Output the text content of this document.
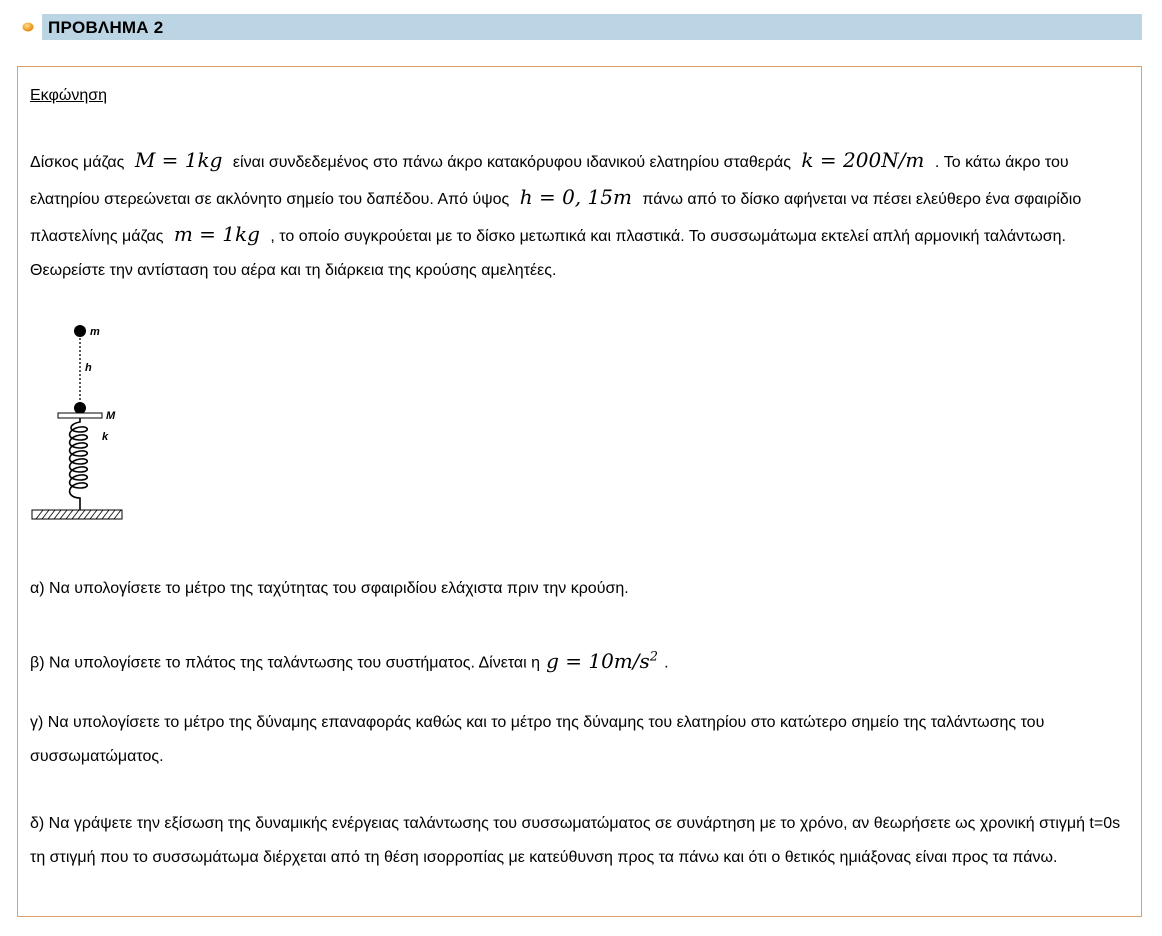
ΠΡΟΒΛΗΜΑ 2
Εκφώνηση
Δίσκος μάζας M = 1kg είναι συνδεδεμένος στο πάνω άκρο κατακόρυφου ιδανικού ελατηρίου σταθεράς k = 200N/m . Το κάτω άκρο του ελατηρίου στερεώνεται σε ακλόνητο σημείο του δαπέδου. Από ύψος h = 0, 15m πάνω από το δίσκο αφήνεται να πέσει ελεύθερο ένα σφαιρίδιο πλαστελίνης μάζας m = 1kg , το οποίο συγκρούεται με το δίσκο μετωπικά και πλαστικά. Το συσσωμάτωμα εκτελεί απλή αρμονική ταλάντωση. Θεωρείστε την αντίσταση του αέρα και τη διάρκεια της κρούσης αμελητέες.
m
h
M
k
α) Να υπολογίσετε το μέτρο της ταχύτητας του σφαιριδίου ελάχιστα πριν την κρούση.
β) Να υπολογίσετε το πλάτος της ταλάντωσης του συστήματος. Δίνεται η $g = 10m/s^2$ .
γ) Να υπολογίσετε το μέτρο της δύναμης επαναφοράς καθώς και το μέτρο της δύναμης του ελατηρίου στο κατώτερο σημείο της ταλάντωσης του συσσωματώματος.
δ) Να γράψετε την εξίσωση της δυναμικής ενέργειας ταλάντωσης του συσσωματώματος σε συνάρτηση με το χρόνο, αν θεωρήσετε ως χρονική στιγμή t=0s τη στιγμή που το συσσωμάτωμα διέρχεται από τη θέση ισορροπίας με κατεύθυνση προς τα πάνω και ότι ο θετικός ημιάξονας είναι προς τα πάνω.
